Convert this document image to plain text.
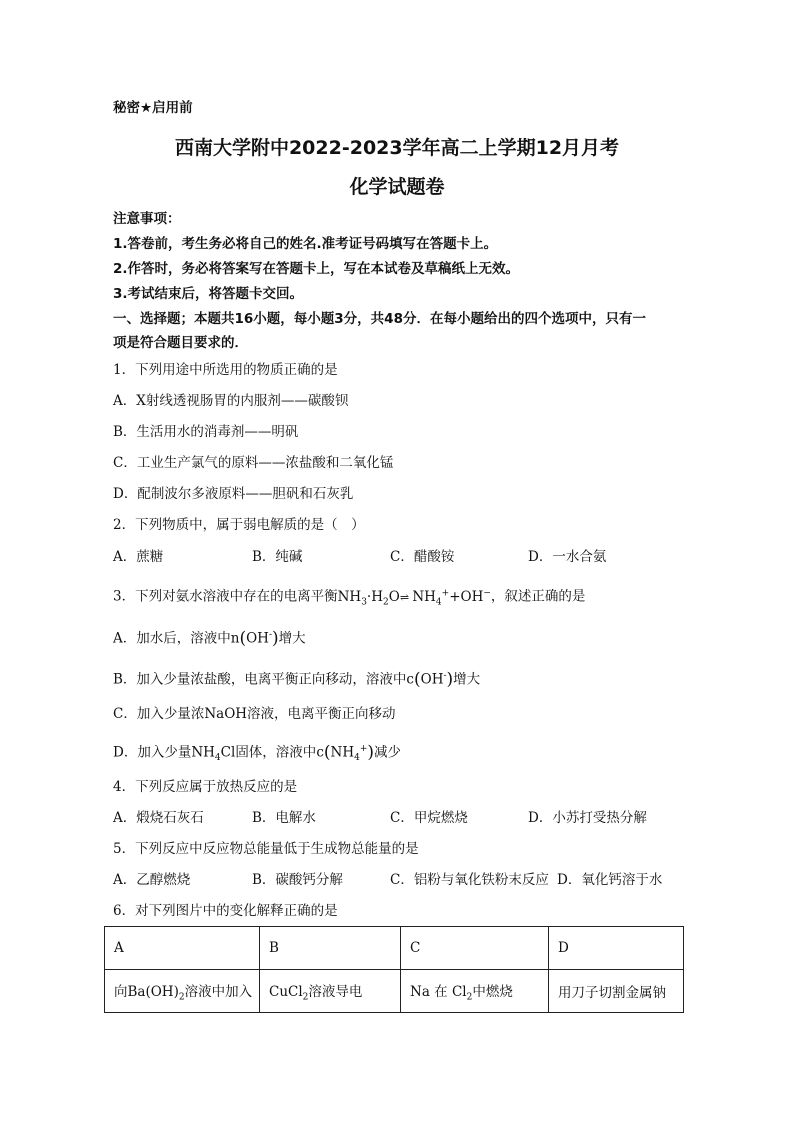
秘密★启用前
西南大学附中2022-2023学年高二上学期12月月考
化学试题卷
注意事项：
1.答卷前，考生务必将自己的姓名.准考证号码填写在答题卡上。
2.作答时，务必将答案写在答题卡上，写在本试卷及草稿纸上无效。
3.考试结束后，将答题卡交回。
一、选择题；本题共16小题，每小题3分，共48分．在每小题给出的四个选项中，只有一
项是符合题目要求的．
1．下列用途中所选用的物质正确的是
A．X射线透视肠胃的内服剂——碳酸钡
B．生活用水的消毒剂——明矾
C．工业生产氯气的原料——浓盐酸和二氧化锰
D．配制波尔多液原料——胆矾和石灰乳
2．下列物质中，属于弱电解质的是（　）
A．蔗糖	B．纯碱	C．醋酸铵	D．一水合氨
3．下列对氨水溶液中存在的电离平衡$NH_3\cdot H_2O\rightleftharpoons$ $NH_4^++OH^-$，叙述正确的是
A．加水后，溶液中n(OH-)增大
B．加入少量浓盐酸，电离平衡正向移动，溶液中c(OH-)增大
C．加入少量浓NaOH溶液，电离平衡正向移动
D．加入少量$NH_4Cl$固体，溶液中$c(NH_4^+)$减少
4．下列反应属于放热反应的是
A．煅烧石灰石	B．电解水	C．甲烷燃烧	D．小苏打受热分解
5．下列反应中反应物总能量低于生成物总能量的是
A．乙醇燃烧	B．碳酸钙分解	C．铝粉与氧化铁粉末反应 D．氧化钙溶于水
6．对下列图片中的变化解释正确的是
A	B	C	D
向$Ba(OH)_2$溶液中加入	CuCl$_2$溶液导电	Na 在 $Cl_2$中燃烧	用刀子切割金属钠
